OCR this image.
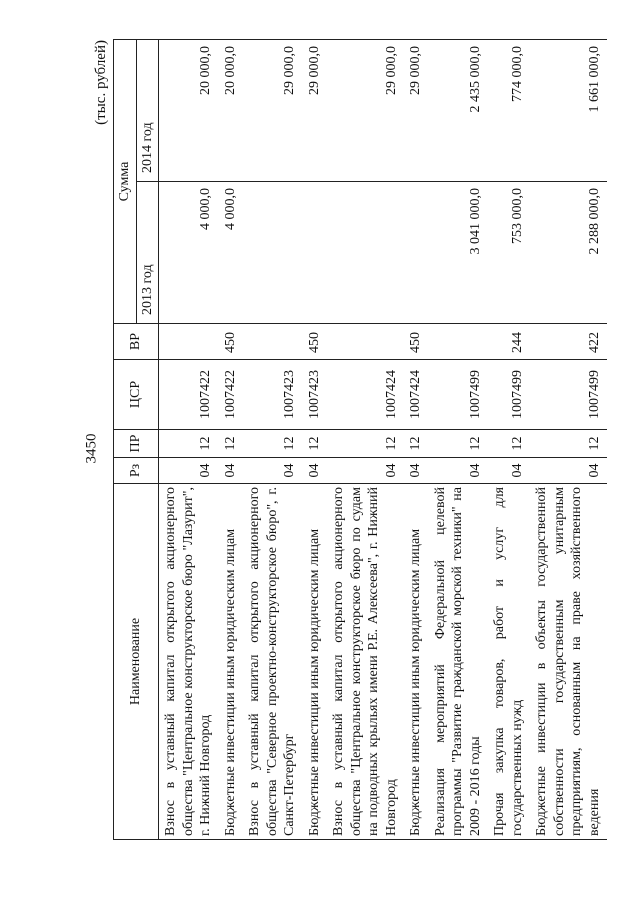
3450
(тыс. рублей)
Наименование	Рз	ПР	ЦСР	ВР	Сумма	
					2013 год	2014 год
Взнос в уставный капитал открытого акционерного общества "Центральное конструкторское бюро "Лазурит", г. Нижний Новгород	04	12	1007422		4 000,0	20 000,0
Бюджетные инвестиции иным юридическим лицам	04	12	1007422	450	4 000,0	20 000,0
Взнос в уставный капитал открытого акционерного общества "Северное проектно-конструкторское бюро", г. Санкт-Петербург	04	12	1007423			29 000,0
Бюджетные инвестиции иным юридическим лицам	04	12	1007423	450		29 000,0
Взнос в уставный капитал открытого акционерного общества "Центральное конструкторское бюро по судам на подводных крыльях имени Р.Е. Алексеева", г. Нижний Новгород	04	12	1007424			29 000,0
Бюджетные инвестиции иным юридическим лицам	04	12	1007424	450		29 000,0
Реализация мероприятий Федеральной целевой программы "Развитие гражданской морской техники" на 2009 - 2016 годы	04	12	1007499		3 041 000,0	2 435 000,0
Прочая закупка товаров, работ и услуг для государственных нужд	04	12	1007499	244	753 000,0	774 000,0
Бюджетные инвестиции в объекты государственной собственности государственным унитарным предприятиям, основанным на праве хозяйственного ведения	04	12	1007499	422	2 288 000,0	1 661 000,0
